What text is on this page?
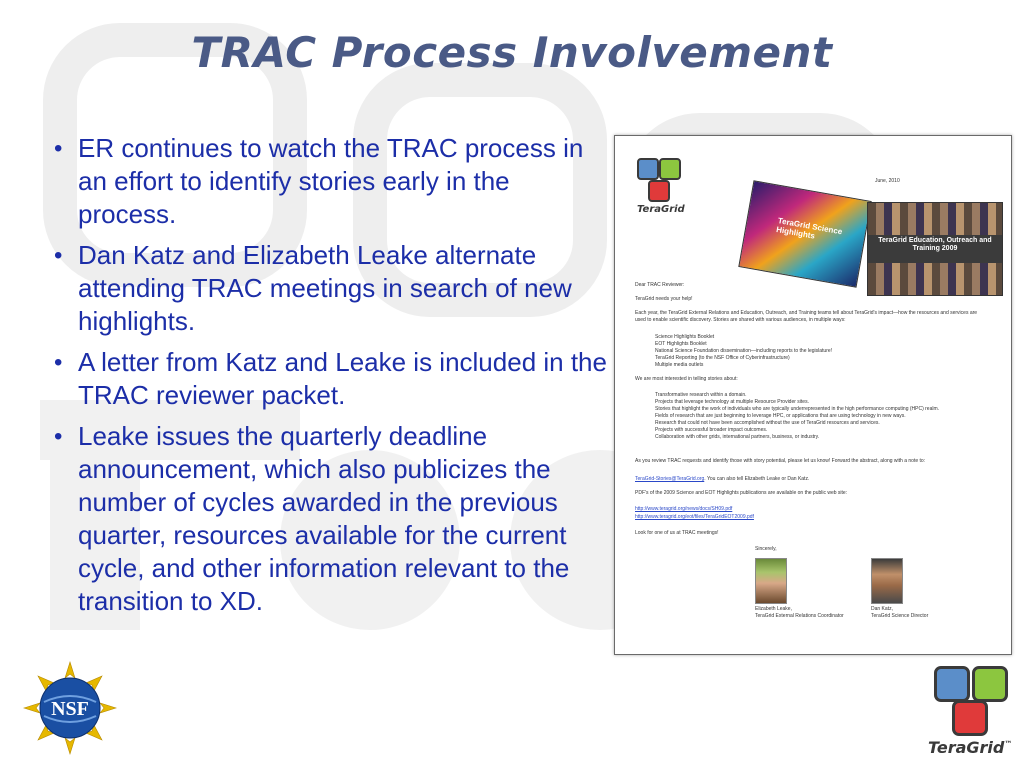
TRAC Process Involvement
• ER continues to watch the TRAC process in an effort to identify stories early in the process.
• Dan Katz and Elizabeth Leake alternate attending TRAC meetings in search of new highlights.
• A letter from Katz and Leake is included in the TRAC reviewer packet.
• Leake issues the quarterly deadline announcement, which also publicizes the number of cycles awarded in the previous quarter, resources available for the current cycle, and other information relevant to the transition to XD.
TeraGrid
June, 2010
TeraGrid Science Highlights	TeraGrid Education, Outreach and Training 2009
Dear TRAC Reviewer:
TeraGrid needs your help!
Each year, the TeraGrid External Relations and Education, Outreach, and Training teams tell about TeraGrid's impact—how the resources and services are used to enable scientific discovery. Stories are shared with various audiences, in multiple ways:
Science Highlights Booklet
EOT Highlights Booklet
National Science Foundation dissemination—including reports to the legislature!
TeraGrid Reporting (to the NSF Office of Cyberinfrastructure)
Multiple media outlets
We are most interested in telling stories about:
Transformative research within a domain.
Projects that leverage technology at multiple Resource Provider sites.
Stories that highlight the work of individuals who are typically underrepresented in the high performance computing (HPC) realm.
Fields of research that are just beginning to leverage HPC, or applications that are using technology in new ways.
Research that could not have been accomplished without the use of TeraGrid resources and services.
Projects with successful broader impact outcomes.
Collaboration with other grids, international partners, business, or industry.
As you review TRAC requests and identify those with story potential, please let us know! Forward the abstract, along with a note to:
TeraGrid-Stories@TeraGrid.org. You can also tell Elizabeth Leake or Dan Katz.
PDF's of the 2009 Science and EOT Highlights publications are available on the public web site:
http://www.teragrid.org/news/docs/SH09.pdf
http://www.teragrid.org/eot/files/TeraGridEOT2009.pdf
Look for one of us at TRAC meetings!
Sincerely,
Elizabeth Leake,
TeraGrid External Relations Coordinator
Dan Katz,
TeraGrid Science Director
NSF
TeraGrid™
